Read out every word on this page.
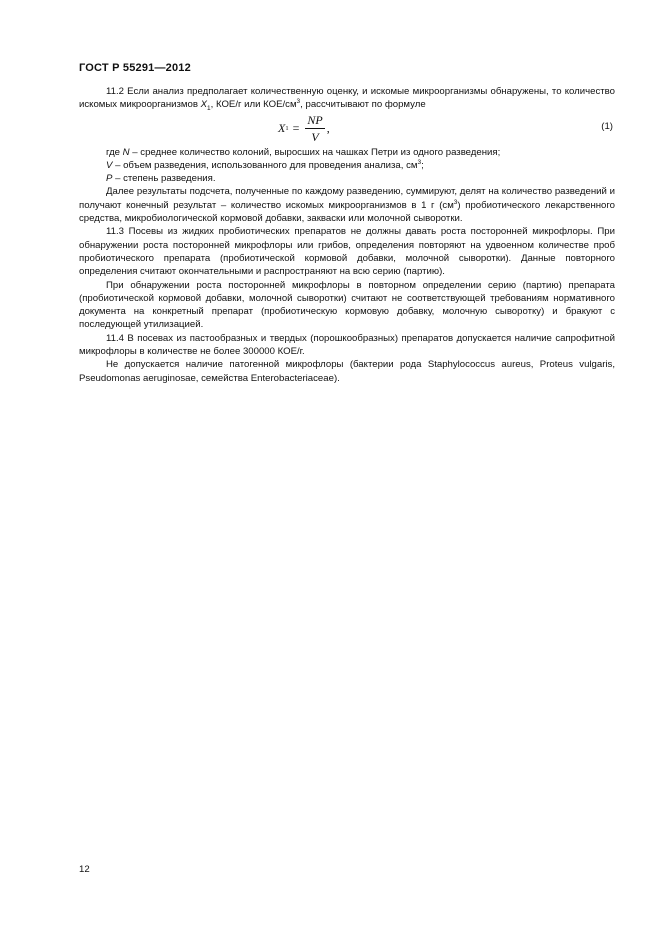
ГОСТ Р 55291—2012

11.2 Если анализ предполагает количественную оценку, и искомые микроорганизмы обнаружены, то количество искомых микроорганизмов $X_1$, КОЕ/г или КОЕ/$см^3$, рассчитывают по формуле

X $1 = \frac{NP}{V}$ ,	(1)

где N – среднее количество колоний, выросших на чашках Петри из одного разведения;

V – объем разведения, использованного для проведения анализа, $см^3$;

P – степень разведения.

Далее результаты подсчета, полученные по каждому разведению, суммируют, делят на количество разведений и получают конечный результат – количество искомых микроорганизмов в 1 г $(см^3)$ пробиотического лекарственного средства, микробиологической кормовой добавки, закваски или молочной сыворотки.

11.3 Посевы из жидких пробиотических препаратов не должны давать роста посторонней микрофлоры. При обнаружении роста посторонней микрофлоры или грибов, определения повторяют на удвоенном количестве проб пробиотического препарата (пробиотической кормовой добавки, молочной сыворотки). Данные повторного определения считают окончательными и распространяют на всю серию (партию).

При обнаружении роста посторонней микрофлоры в повторном определении серию (партию) препарата (пробиотической кормовой добавки, молочной сыворотки) считают не соответствующей требованиям нормативного документа на конкретный препарат (пробиотическую кормовую добавку, молочную сыворотку) и бракуют с последующей утилизацией.

11.4 В посевах из пастообразных и твердых (порошкообразных) препаратов допускается наличие сапрофитной микрофлоры в количестве не более 300000 КОЕ/г.

Не допускается наличие патогенной микрофлоры (бактерии рода Staphylococcus aureus, Proteus vulgaris, Pseudomonas aeruginosae, семейства Enterobacteriaceae).

12
